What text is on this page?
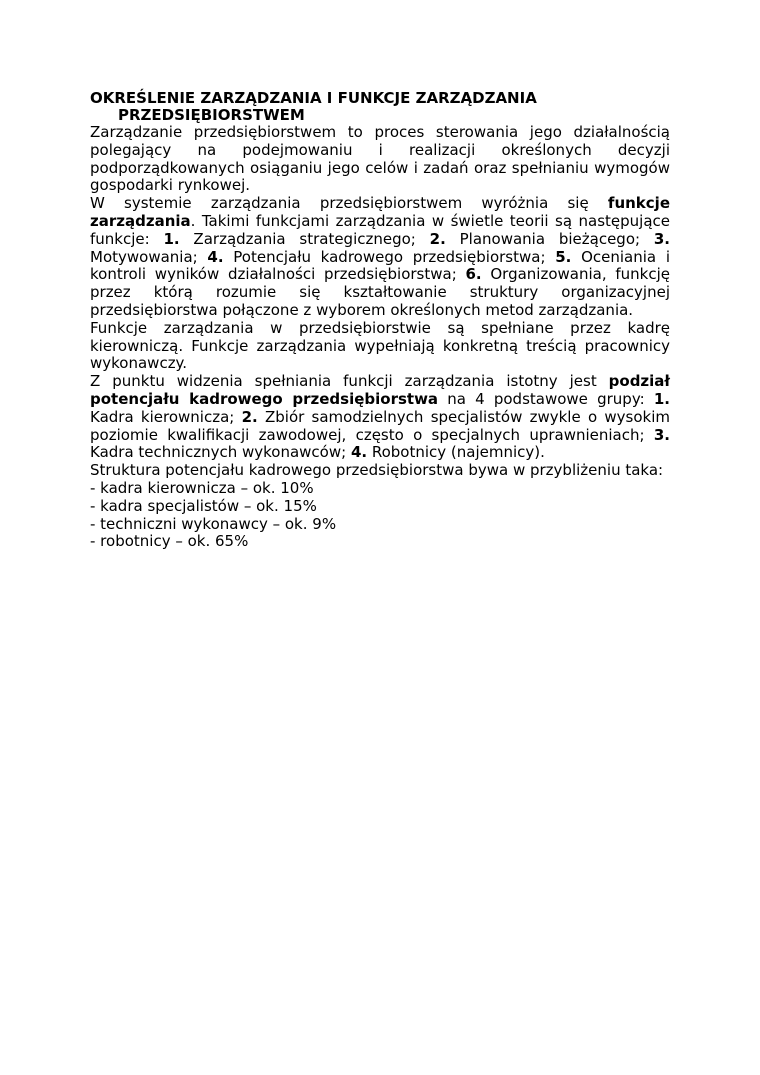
OKREŚLENIE ZARZĄDZANIA I FUNKCJE ZARZĄDZANIA
PRZEDSIĘBIORSTWEM

Zarządzanie przedsiębiorstwem to proces sterowania jego działalnością polegający na podejmowaniu i realizacji określonych decyzji podporządkowanych osiąganiu jego celów i zadań oraz spełnianiu wymogów gospodarki rynkowej.

W systemie zarządzania przedsiębiorstwem wyróżnia się funkcje zarządzania. Takimi funkcjami zarządzania w świetle teorii są następujące funkcje: 1. Zarządzania strategicznego; 2. Planowania bieżącego; 3. Motywowania; 4. Potencjału kadrowego przedsiębiorstwa; 5. Oceniania i kontroli wyników działalności przedsiębiorstwa; 6. Organizowania, funkcję przez którą rozumie się kształtowanie struktury organizacyjnej przedsiębiorstwa połączone z wyborem określonych metod zarządzania.

Funkcje zarządzania w przedsiębiorstwie są spełniane przez kadrę kierowniczą. Funkcje zarządzania wypełniają konkretną treścią pracownicy wykonawczy.

Z punktu widzenia spełniania funkcji zarządzania istotny jest podział potencjału kadrowego przedsiębiorstwa na 4 podstawowe grupy: 1. Kadra kierownicza; 2. Zbiór samodzielnych specjalistów zwykle o wysokim poziomie kwalifikacji zawodowej, często o specjalnych uprawnieniach; 3. Kadra technicznych wykonawców; 4. Robotnicy (najemnicy).

Struktura potencjału kadrowego przedsiębiorstwa bywa w przybliżeniu taka:

- kadra kierownicza – ok. 10%
- kadra specjalistów – ok. 15%
- techniczni wykonawcy – ok. 9%
- robotnicy – ok. 65%
